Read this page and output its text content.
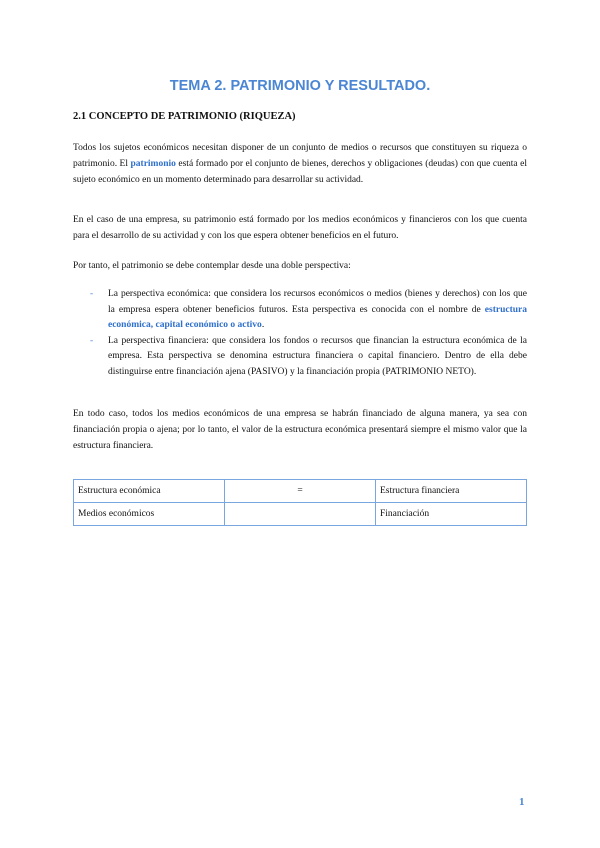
TEMA 2. PATRIMONIO Y RESULTADO.
2.1 CONCEPTO DE PATRIMONIO (RIQUEZA)
Todos los sujetos económicos necesitan disponer de un conjunto de medios o recursos que constituyen su riqueza o patrimonio. El patrimonio está formado por el conjunto de bienes, derechos y obligaciones (deudas) con que cuenta el sujeto económico en un momento determinado para desarrollar su actividad.
En el caso de una empresa, su patrimonio está formado por los medios económicos y financieros con los que cuenta para el desarrollo de su actividad y con los que espera obtener beneficios en el futuro.
Por tanto, el patrimonio se debe contemplar desde una doble perspectiva:
- La perspectiva económica: que considera los recursos económicos o medios (bienes y derechos) con los que la empresa espera obtener beneficios futuros. Esta perspectiva es conocida con el nombre de estructura económica, capital económico o activo.
- La perspectiva financiera: que considera los fondos o recursos que financian la estructura económica de la empresa. Esta perspectiva se denomina estructura financiera o capital financiero. Dentro de ella debe distinguirse entre financiación ajena (PASIVO) y la financiación propia (PATRIMONIO NETO).
En todo caso, todos los medios económicos de una empresa se habrán financiado de alguna manera, ya sea con financiación propia o ajena; por lo tanto, el valor de la estructura económica presentará siempre el mismo valor que la estructura financiera.
Estructura económica	=	Estructura financiera
Medios económicos		Financiación
1
